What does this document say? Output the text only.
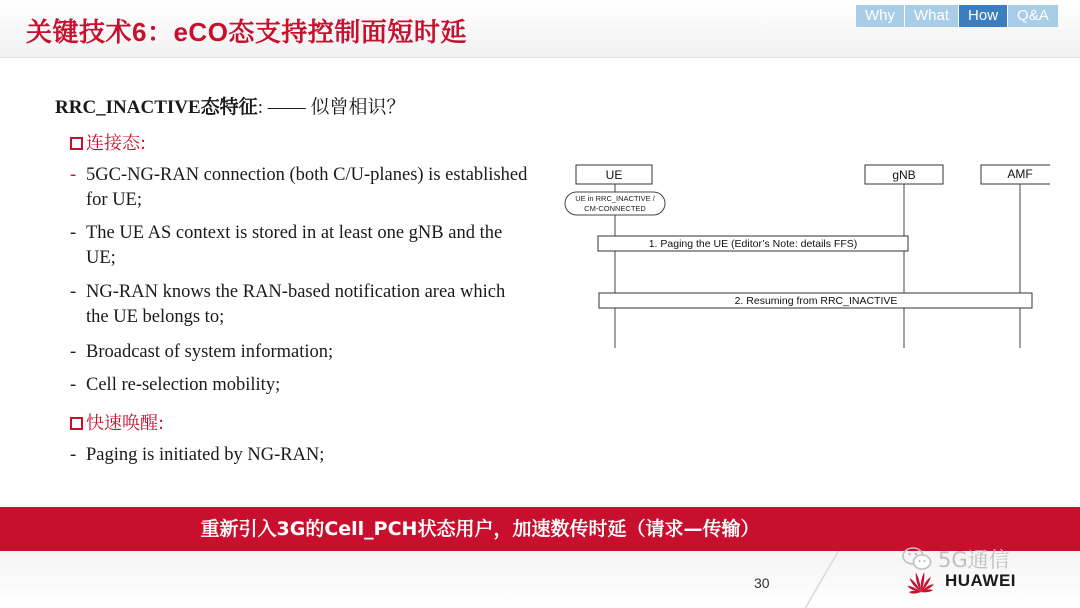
关键技术6：eCO态支持控制面短时延
Why	What	How	Q&A
RRC_INACTIVE态特征: —— 似曾相识？
连接态:
- 5GC-NG-RAN connection (both C/U-planes) is established for UE;
- The UE AS context is stored in at least one gNB and the UE;
- NG-RAN knows the RAN-based notification area which the UE belongs to;
- Broadcast of system information;
- Cell re-selection mobility;
快速唤醒:
- Paging is initiated by NG-RAN;
UE	gNB	AMF
UE in RRC_INACTIVE /
CM-CONNECTED
1. Paging the UE (Editor’s Note: details FFS)
2. Resuming from RRC_INACTIVE
重新引入3G的Cell_PCH状态用户，加速数传时延（请求—传输）
30
5G通信
HUAWEI
